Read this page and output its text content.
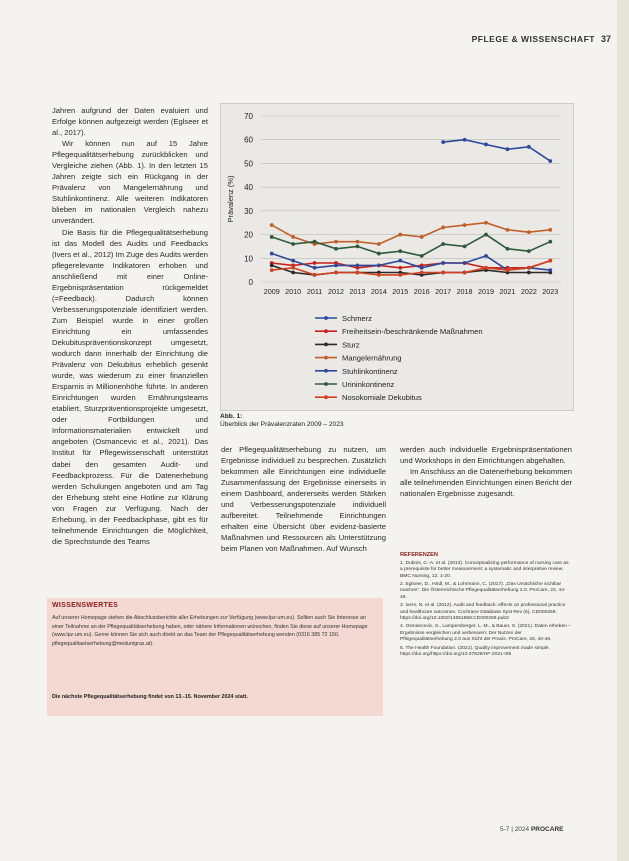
PFLEGE & WISSENSCHAFT 37

Jahren aufgrund der Daten evaluiert und Erfolge können aufgezeigt werden (Eglseer et al., 2017).

Wir können nun auf 15 Jahre Pflegequalitätserhebung zurückblicken und Vergleiche ziehen (Abb. 1). In den letzten 15 Jahren zeigte sich ein Rückgang in der Prävalenz von Mangelernährung und Stuhlinkontinenz. Alle weiteren Indikatoren blieben im nationalen Vergleich nahezu unverändert.

Die Basis für die Pflegequalitätserhebung ist das Modell des Audits und Feedbacks (Ivers et al., 2012) Im Zuge des Audits werden pflegerelevante Indikatoren erhoben und anschließend mit einer Online-Ergebnispräsentation rückgemeldet (=Feedback). Dadurch können Verbesserungspotenziale identifiziert werden. Zum Beispiel wurde in einer großen Einrichtung ein umfassendes Dekubituspräventionskonzept umgesetzt, wodurch dann innerhalb der Einrichtung die Prävalenz von Dekubitus erheblich gesenkt wurde, was wiederum zu einer finanziellen Ersparnis in Millionenhöhe führte. In anderen Einrichtungen wurden Ernährungsteams etabliert, Sturzpräventionsprojekte umgesetzt, oder Fortbildungen und Informationsmaterialien entwickelt und angeboten (Osmancevic et al., 2021). Das Institut für Pflegewissenschaft unterstützt dabei den gesamten Audit- und Feedbackprozess. Für die Datenerhebung werden Schulungen angeboten und am Tag der Erhebung steht eine Hotline zur Klärung von Fragen zur Verfügung. Nach der Erhebung, in der Feedbackphase, gibt es für teilnehmende Einrichtungen die Möglichkeit, die Sprechstunde des Teams

0
10
20
30
40
50
60
70
2009 2010 2011 2012 2013 2014 2015 2016 2017 2018 2019 2021 2022 2023
Prävalenz (%)
Schmerz
Freiheitsein-/beschränkende Maßnahmen
Sturz
Mangelernährung
Stuhlinkontinenz
Urininkontinenz
Nosokomiale Dekubitus
Abb. 1:
Überblick der Prävalenzraten 2009 – 2023

der Pflegequalitätserhebung zu nutzen, um Ergebnisse individuell zu besprechen. Zusätzlich bekommen alle Einrichtungen eine individuelle Zusammenfassung der Ergebnisse einerseits in einem Dashboard, andererseits werden Stärken und Verbesserungspotenziale individuell aufbereitet. Teilnehmende Einrichtungen erhalten eine Übersicht über evidenz-basierte Maßnahmen und Ressourcen als Unterstützung beim Planen von Maßnahmen. Auf Wunsch

werden auch individuelle Ergebnispräsentationen und Workshops in den Einrichtungen abgehalten.

Im Anschluss an die Datenerhebung bekommen alle teilnehmenden Einrichtungen einen Bericht der nationalen Ergebnisse zugesandt.

REFERENZEN
1. Dubois, C.-A. et al. (2013). Conceptualizing performance of nursing care as a prerequisite for better measurement: a systematic and interpretive review. BMC Nursing, 12, 1-20.
2. Eglseer, D., Hödl, M., & Lohrmann, C. (2017). „Das Ursächliche sichtbar machen“. Die Österreichische Pflegequalitätserhebung 2.0. ProCare, 22, 44-46.
3. Ivers, N. et al. (2012). Audit and feedback: effects on professional practice and healthcare outcomes. Cochrane Database Syst Rev (6), CD000259. https://doi.org/10.1002/14651858.CD000259.pub3
4. Osmancevic, S., Lampersberger, L. M., & Bauer, S. (2021). Daten erheben – Ergebnisse vergleichen und verbessern: Der Nutzen der Pflegequalitätserhebung 2.0 aus Sicht der Praxis. ProCare, 26, 40-46.
5. The Health Foundation. (2021). Quality improvement made simple. https://doi.org/https://doi.org/10.37829/HF-2021-I05
WISSENSWERTES
Auf unserer Homepage stehen die Abschlussberichte aller Erhebungen zur Verfügung (www.lpz-um.eu). Sollten auch Sie Interesse an einer Teilnahme an der Pflegequalitätserhebung haben, oder nähere Informationen wünschen, finden Sie diese auf unserer Homepage (www.lpz-um.eu). Gerne können Sie sich auch direkt an das Team der Pflegequalitätserhebung wenden (0316 385 72 150, pflegequalitaetserhebung@medunigraz.at).
Die nächste Pflegequalitätserhebung findet von 13.-15. November 2024 statt.
5-7 | 2024 PROCARE
